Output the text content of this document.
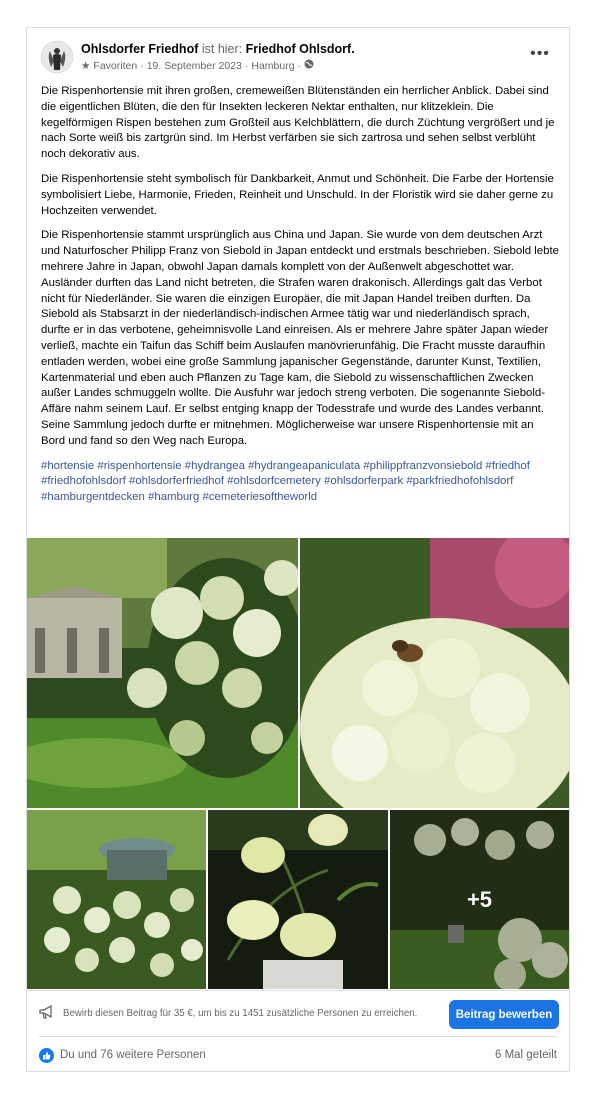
Ohlsdorfer Friedhof ist hier: Friedhof Ohlsdorf.
★ Favoriten · 19. September 2023 · Hamburg ·
•••

Die Rispenhortensie mit ihren großen, cremeweißen Blütenständen ein herrlicher Anblick. Dabei sind die eigentlichen Blüten, die den für Insekten leckeren Nektar enthalten, nur klitzeklein. Die kegelförmigen Rispen bestehen zum Großteil aus Kelchblättern, die durch Züchtung vergrößert und je nach Sorte weiß bis zartgrün sind. Im Herbst verfärben sie sich zartrosa und sehen selbst verblüht noch dekorativ aus.

Die Rispenhortensie steht symbolisch für Dankbarkeit, Anmut und Schönheit. Die Farbe der Hortensie symbolisiert Liebe, Harmonie, Frieden, Reinheit und Unschuld. In der Floristik wird sie daher gerne zu Hochzeiten verwendet.

Die Rispenhortensie stammt ursprünglich aus China und Japan. Sie wurde von dem deutschen Arzt und Naturfoscher Philipp Franz von Siebold in Japan entdeckt und erstmals beschrieben. Siebold lebte mehrere Jahre in Japan, obwohl Japan damals komplett von der Außenwelt abgeschottet war. Ausländer durften das Land nicht betreten, die Strafen waren drakonisch. Allerdings galt das Verbot nicht für Niederländer. Sie waren die einzigen Europäer, die mit Japan Handel treiben durften. Da Siebold als Stabsarzt in der niederländisch-indischen Armee tätig war und niederländisch sprach, durfte er in das verbotene, geheimnisvolle Land einreisen. Als er mehrere Jahre später Japan wieder verließ, machte ein Taifun das Schiff beim Auslaufen manövrierunfähig. Die Fracht musste daraufhin entladen werden, wobei eine große Sammlung japanischer Gegenstände, darunter Kunst, Textilien, Kartenmaterial und eben auch Pflanzen zu Tage kam, die Siebold zu wissenschaftlichen Zwecken außer Landes schmuggeln wollte. Die Ausfuhr war jedoch streng verboten. Die sogenannte Siebold-Affäre nahm seinem Lauf. Er selbst entging knapp der Todesstrafe und wurde des Landes verbannt. Seine Sammlung jedoch durfte er mitnehmen. Möglicherweise war unsere Rispenhortensie mit an Bord und fand so den Weg nach Europa.

#hortensie #rispenhortensie #hydrangea #hydrangeapaniculata #philippfranzvonsiebold #friedhof #friedhofohlsdorf #ohlsdorferfriedhof #ohlsdorfcemetery #ohlsdorferpark #parkfriedhofohlsdorf #hamburgentdecken #hamburg #cemeteriesoftheworld

+5
Bewirb diesen Beitrag für 35 €, um bis zu 1451 zusätzliche Personen zu erreichen.	Beitrag bewerben
Du und 76 weitere Personen	6 Mal geteilt
